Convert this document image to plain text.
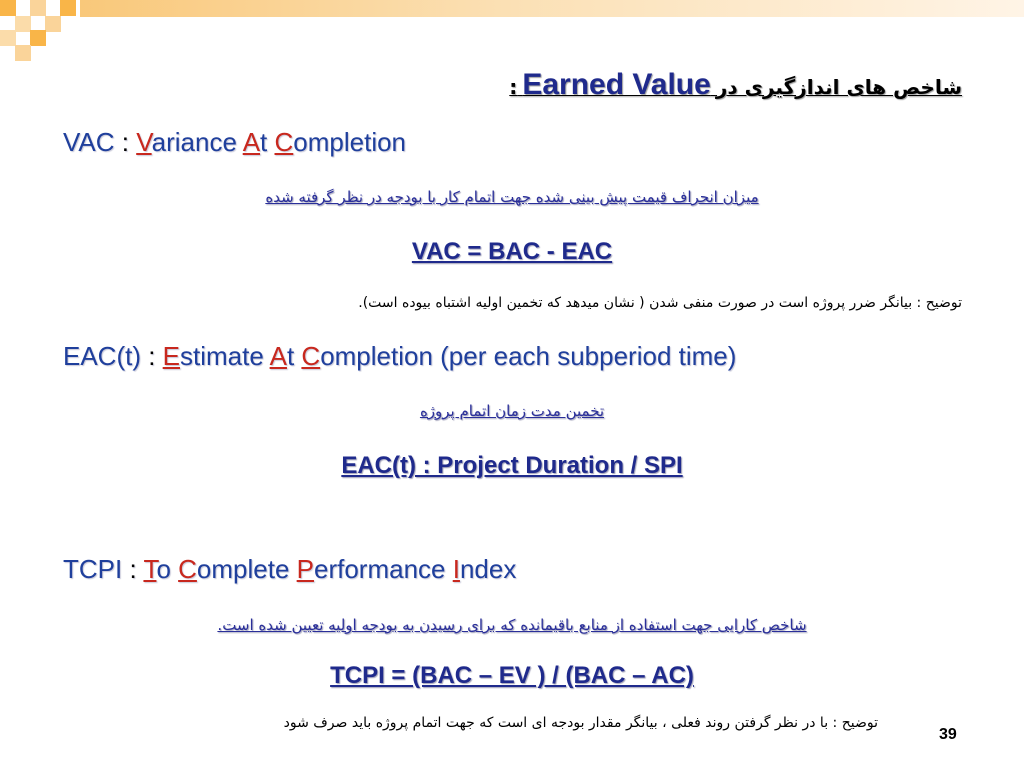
شاخص های اندازگیری در Earned Value :
VAC : Variance At Completion
میزان انحراف قیمت پیش بینی شده جهت اتمام کار با بودجه در نظر گرفته شده
VAC = BAC - EAC
توضیح : بیانگر ضرر پروژه است در صورت منفی شدن ( نشان میدهد که تخمین اولیه اشتباه بیوده است).
EAC(t) : Estimate At Completion (per each subperiod time)
تخمین مدت زمان اتمام پروژه
EAC(t) : Project Duration / SPI
TCPI : To Complete Performance Index
شاخص کارایی جهت استفاده از منابع باقیمانده که برای رسیدن به بودجه اولیه تعیین شده است.
TCPI = (BAC – EV ) / (BAC – AC)
توضیح : با در نظر گرفتن روند فعلی ، بیانگر مقدار بودجه ای است که جهت اتمام پروژه باید صرف شود
39
